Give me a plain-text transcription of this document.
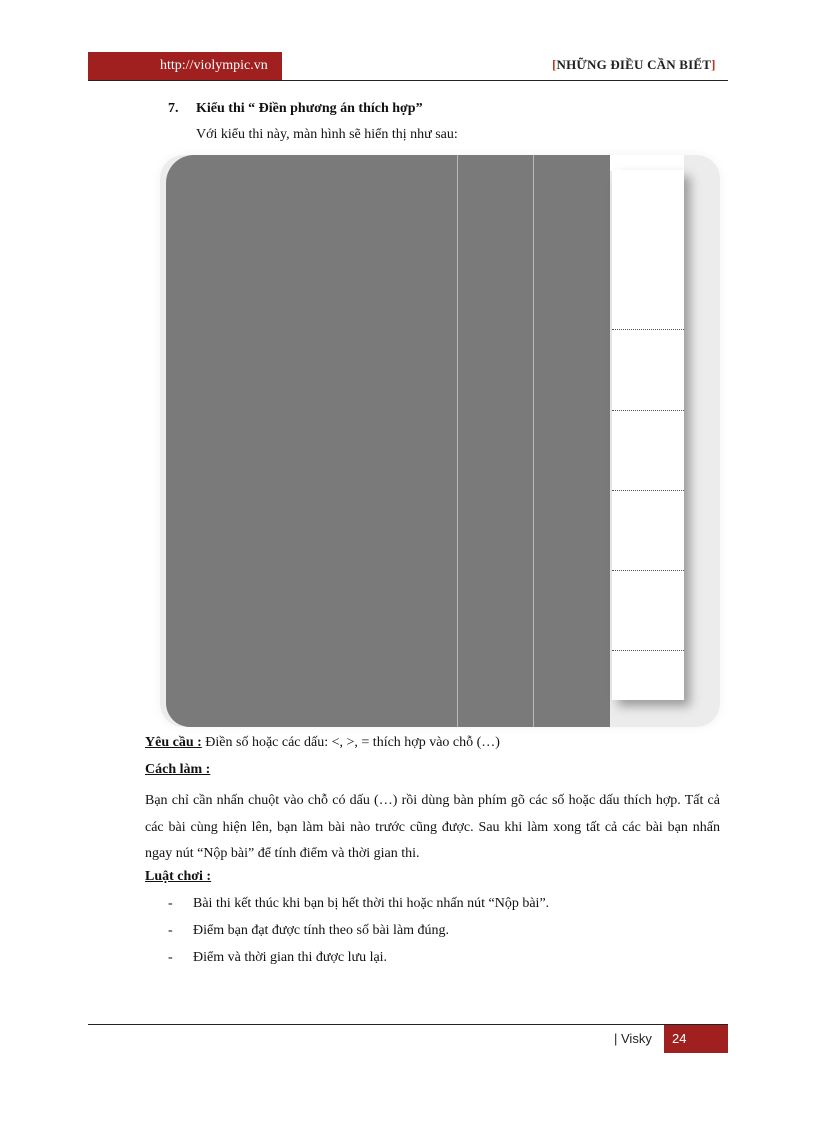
http://violympic.vn	[NHỮNG ĐIỀU CẦN BIẾT]
7. Kiểu thi “ Điền phương án thích hợp”
Với kiểu thi này, màn hình sẽ hiển thị như sau:
Yêu cầu : Điền số hoặc các dấu: <, >, = thích hợp vào chỗ (…)
Cách làm :
Bạn chỉ cần nhấn chuột vào chỗ có dấu (…) rồi dùng bàn phím gõ các số hoặc dấu thích hợp. Tất cả các bài cùng hiện lên, bạn làm bài nào trước cũng được. Sau khi làm xong tất cả các bài bạn nhấn ngay nút “Nộp bài” để tính điểm và thời gian thi.
Luật chơi :
- Bài thi kết thúc khi bạn bị hết thời thi hoặc nhấn nút “Nộp bài”.
- Điểm bạn đạt được tính theo số bài làm đúng.
- Điểm và thời gian thi được lưu lại.
| Visky	24
